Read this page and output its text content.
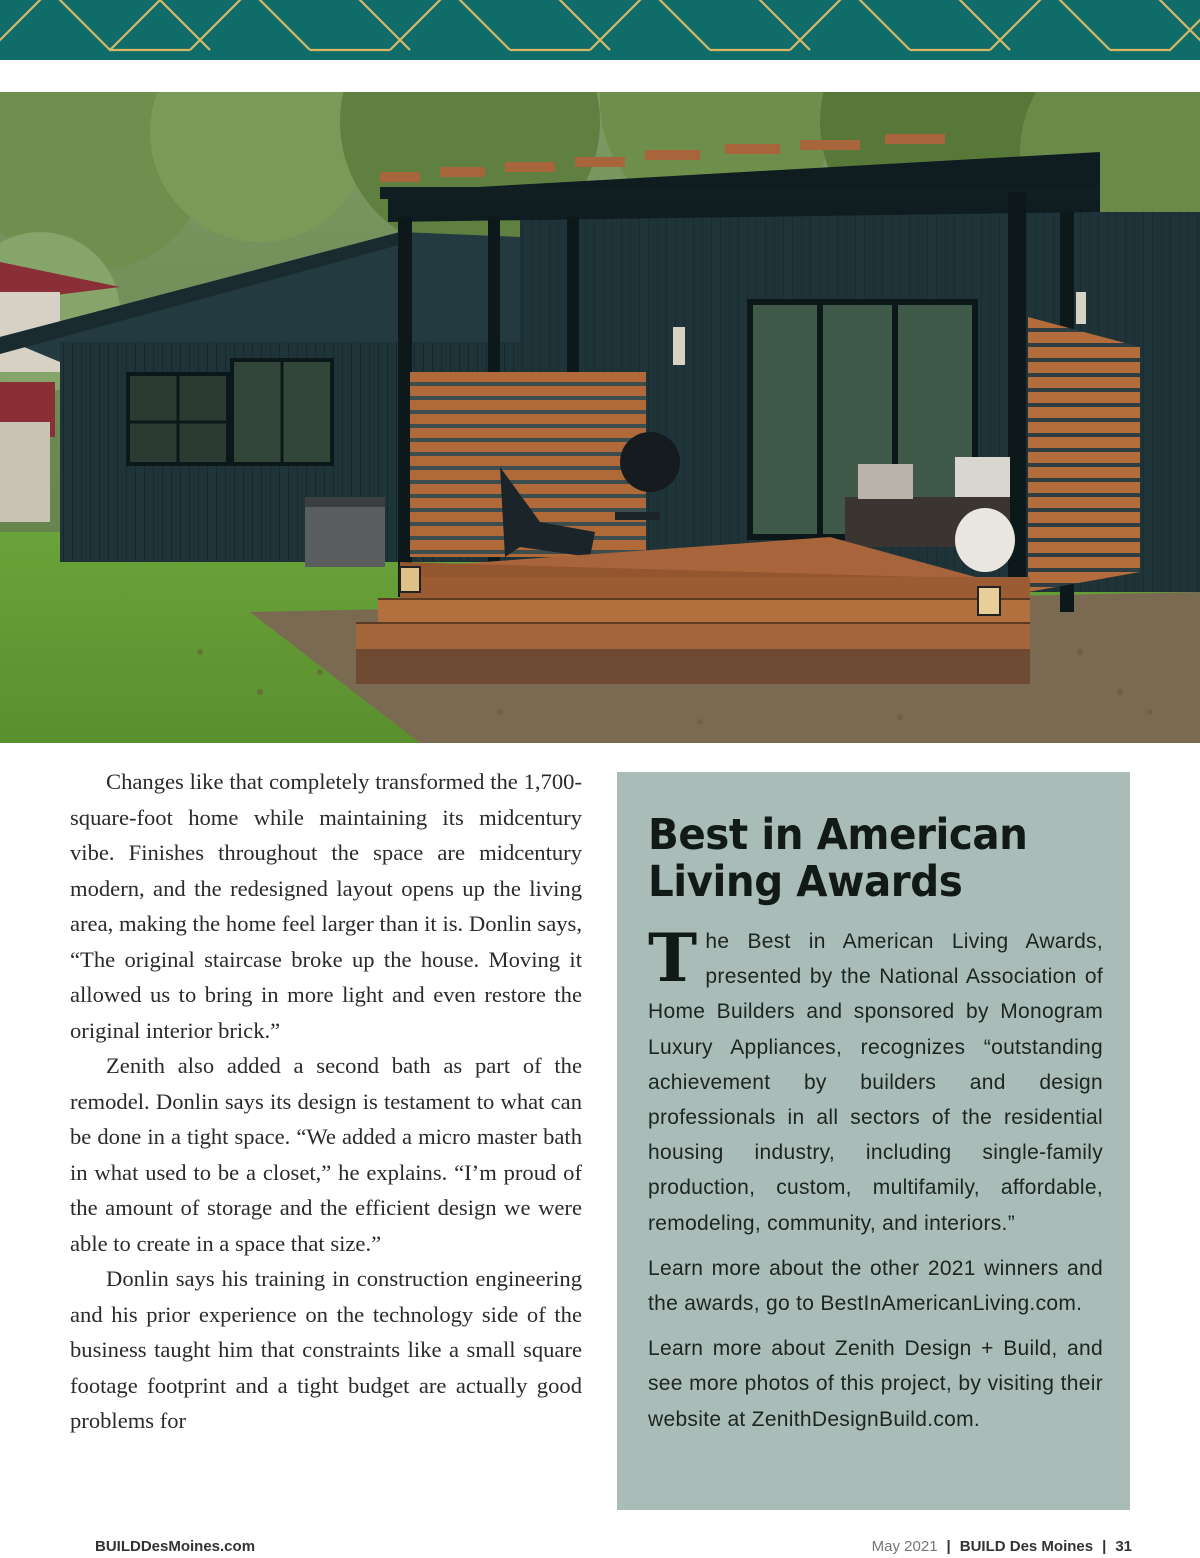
Changes like that completely transformed the 1,700-square-foot home while maintaining its midcentury vibe. Finishes throughout the space are midcentury modern, and the redesigned layout opens up the living area, making the home feel larger than it is. Donlin says, “The original staircase broke up the house. Moving it allowed us to bring in more light and even restore the original interior brick.”

Zenith also added a second bath as part of the remodel. Donlin says its design is testament to what can be done in a tight space. “We added a micro master bath in what used to be a closet,” he explains. “I’m proud of the amount of storage and the efficient design we were able to create in a space that size.”

Donlin says his training in construction engineering and his prior experience on the technology side of the business taught him that constraints like a small square footage footprint and a tight budget are actually good problems for

Best in American Living Awards

The Best in American Living Awards, presented by the National Association of Home Builders and sponsored by Monogram Luxury Appliances, recognizes “outstanding achievement by builders and design professionals in all sectors of the residential housing industry, including single-family production, custom, multifamily, affordable, remodeling, community, and interiors.”

Learn more about the other 2021 winners and the awards, go to BestInAmericanLiving.com.

Learn more about Zenith Design + Build, and see more photos of this project, by visiting their website at ZenithDesignBuild.com.

BUILDDesMoines.com	May 2021 | BUILD Des Moines | 31
